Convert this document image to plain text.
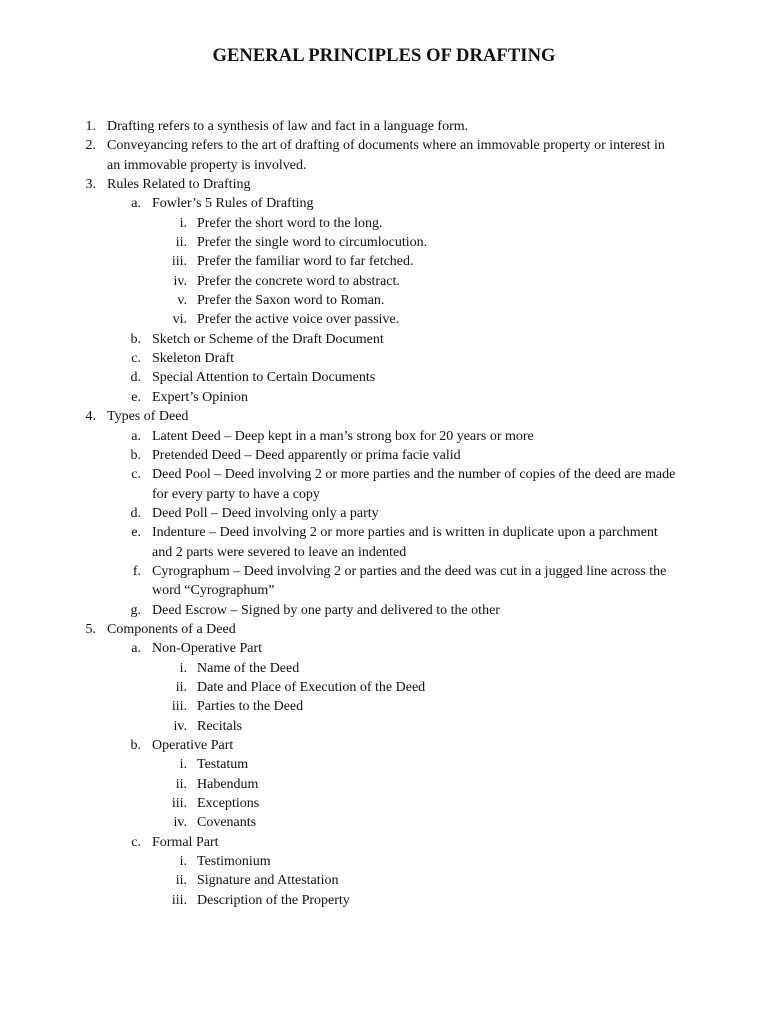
GENERAL PRINCIPLES OF DRAFTING
1. Drafting refers to a synthesis of law and fact in a language form.
2. Conveyancing refers to the art of drafting of documents where an immovable property or interest in
an immovable property is involved.
3. Rules Related to Drafting
a. Fowler’s 5 Rules of Drafting
i. Prefer the short word to the long.
ii. Prefer the single word to circumlocution.
iii. Prefer the familiar word to far fetched.
iv. Prefer the concrete word to abstract.
v. Prefer the Saxon word to Roman.
vi. Prefer the active voice over passive.
b. Sketch or Scheme of the Draft Document
c. Skeleton Draft
d. Special Attention to Certain Documents
e. Expert’s Opinion
4. Types of Deed
a. Latent Deed – Deep kept in a man’s strong box for 20 years or more
b. Pretended Deed – Deed apparently or prima facie valid
c. Deed Pool – Deed involving 2 or more parties and the number of copies of the deed are made
for every party to have a copy
d. Deed Poll – Deed involving only a party
e. Indenture – Deed involving 2 or more parties and is written in duplicate upon a parchment
and 2 parts were severed to leave an indented
f. Cyrographum – Deed involving 2 or parties and the deed was cut in a jugged line across the
word “Cyrographum”
g. Deed Escrow – Signed by one party and delivered to the other
5. Components of a Deed
a. Non-Operative Part
i. Name of the Deed
ii. Date and Place of Execution of the Deed
iii. Parties to the Deed
iv. Recitals
b. Operative Part
i. Testatum
ii. Habendum
iii. Exceptions
iv. Covenants
c. Formal Part
i. Testimonium
ii. Signature and Attestation
iii. Description of the Property
